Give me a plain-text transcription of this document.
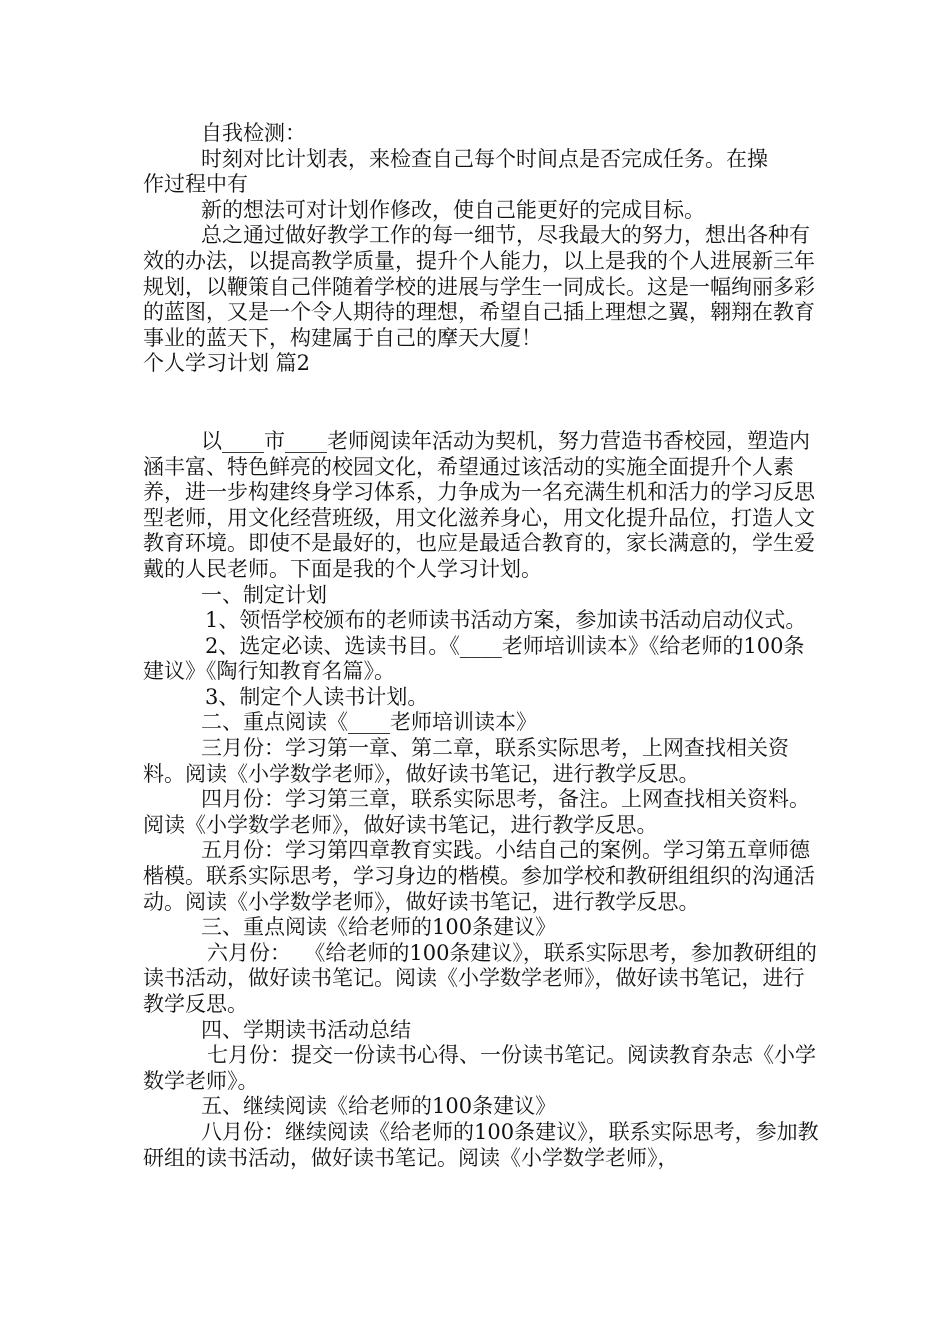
自我检测：

时刻对比计划表，来检查自己每个时间点是否完成任务。在操

作过程中有

新的想法可对计划作修改，使自己能更好的完成目标。

总之通过做好教学工作的每一细节，尽我最大的努力，想出各种有效的办法，以提高教学质量，提升个人能力，以上是我的个人进展新三年规划，以鞭策自己伴随着学校的进展与学生一同成长。这是一幅绚丽多彩的蓝图，又是一个令人期待的理想，希望自己插上理想之翼，翱翔在教育事业的蓝天下，构建属于自己的摩天大厦！

个人学习计划 篇2

以____市____老师阅读年活动为契机，努力营造书香校园，塑造内涵丰富、特色鲜亮的校园文化，希望通过该活动的实施全面提升个人素养，进一步构建终身学习体系，力争成为一名充满生机和活力的学习反思型老师，用文化经营班级，用文化滋养身心，用文化提升品位，打造人文教育环境。即使不是最好的，也应是最适合教育的，家长满意的，学生爱戴的人民老师。下面是我的个人学习计划。

一、制定计划

1、领悟学校颁布的老师读书活动方案，参加读书活动启动仪式。

2、选定必读、选读书目。《____老师培训读本》《给老师的100条建议》《陶行知教育名篇》。

3、制定个人读书计划。

二、重点阅读《____老师培训读本》

三月份：学习第一章、第二章，联系实际思考，上网查找相关资料。阅读《小学数学老师》，做好读书笔记，进行教学反思。

四月份：学习第三章，联系实际思考，备注。上网查找相关资料。阅读《小学数学老师》，做好读书笔记，进行教学反思。

五月份：学习第四章教育实践。小结自己的案例。学习第五章师德楷模。联系实际思考，学习身边的楷模。参加学校和教研组组织的沟通活动。阅读《小学数学老师》，做好读书笔记，进行教学反思。

三、重点阅读《给老师的100条建议》

六月份：  《给老师的100条建议》，联系实际思考，参加教研组的读书活动，做好读书笔记。阅读《小学数学老师》，做好读书笔记，进行教学反思。

四、学期读书活动总结

七月份：提交一份读书心得、一份读书笔记。阅读教育杂志《小学数学老师》。

五、继续阅读《给老师的100条建议》

八月份：继续阅读《给老师的100条建议》，联系实际思考，参加教研组的读书活动，做好读书笔记。阅读《小学数学老师》，
